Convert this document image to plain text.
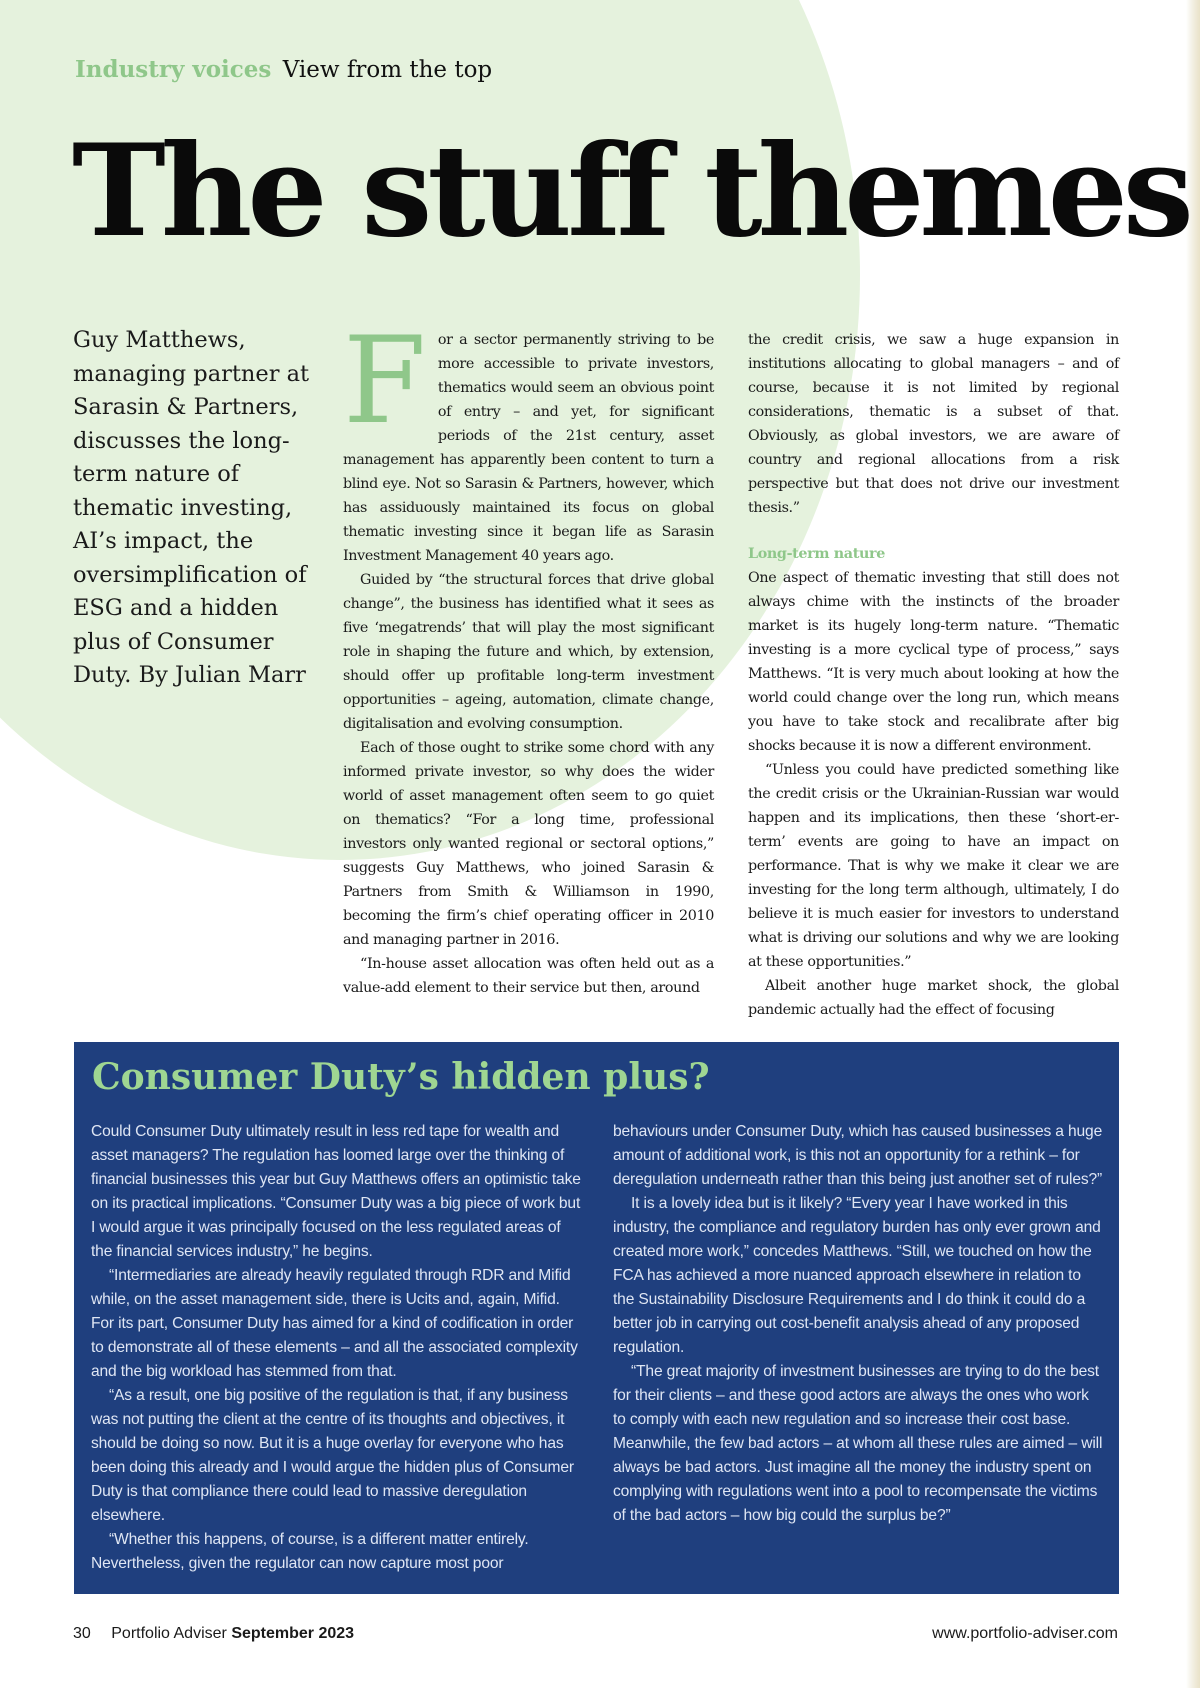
Industry voices View from the top
The stuff themes
Guy Matthews, managing partner at Sarasin & Partners, discusses the long-term nature of thematic investing, AI’s impact, the oversimplification of ESG and a hidden plus of Consumer Duty. By Julian Marr

For a sector permanently striving to be more accessible to private investors, thematics would seem an obvious point of entry – and yet, for significant periods of the 21st century, asset management has apparently been content to turn a blind eye. Not so Sarasin & Partners, however, which has assiduously maintained its focus on global thematic investing since it began life as Sarasin Investment Management 40 years ago.

Guided by “the structural forces that drive global change”, the business has identified what it sees as five ‘megatrends’ that will play the most significant role in shaping the future and which, by extension, should offer up profitable long-term investment opportunities – ageing, automation, climate change, digitalisation and evolving consumption.

Each of those ought to strike some chord with any informed private investor, so why does the wider world of asset management often seem to go quiet on thematics? “For a long time, professional investors only wanted regional or sectoral options,” suggests Guy Matthews, who joined Sarasin & Partners from Smith & Williamson in 1990, becoming the firm’s chief operating officer in 2010 and managing partner in 2016.

“In-house asset allocation was often held out as a value-add element to their service but then, around

the credit crisis, we saw a huge expansion in institutions allocating to global managers – and of course, because it is not limited by regional considerations, thematic is a subset of that. Obviously, as global investors, we are aware of country and regional allocations from a risk perspective but that does not drive our investment thesis.”

Long-term nature

One aspect of thematic investing that still does not always chime with the instincts of the broader market is its hugely long-term nature. “Thematic investing is a more cyclical type of process,” says Matthews. “It is very much about looking at how the world could change over the long run, which means you have to take stock and recalibrate after big shocks because it is now a different environment.

“Unless you could have predicted something like the credit crisis or the Ukrainian-Russian war would happen and its implications, then these ‘short-er-term’ events are going to have an impact on performance. That is why we make it clear we are investing for the long term although, ultimately, I do believe it is much easier for investors to understand what is driving our solutions and why we are looking at these opportunities.”

Albeit another huge market shock, the global pandemic actually had the effect of focusing

Consumer Duty’s hidden plus?

Could Consumer Duty ultimately result in less red tape for wealth and asset managers? The regulation has loomed large over the thinking of financial businesses this year but Guy Matthews offers an optimistic take on its practical implications. “Consumer Duty was a big piece of work but I would argue it was principally focused on the less regulated areas of the financial services industry,” he begins.

“Intermediaries are already heavily regulated through RDR and Mifid while, on the asset management side, there is Ucits and, again, Mifid. For its part, Consumer Duty has aimed for a kind of codification in order to demonstrate all of these elements – and all the associated complexity and the big workload has stemmed from that.

“As a result, one big positive of the regulation is that, if any business was not putting the client at the centre of its thoughts and objectives, it should be doing so now. But it is a huge overlay for everyone who has been doing this already and I would argue the hidden plus of Consumer Duty is that compliance there could lead to massive deregulation elsewhere.

“Whether this happens, of course, is a different matter entirely. Nevertheless, given the regulator can now capture most poor

behaviours under Consumer Duty, which has caused businesses a huge amount of additional work, is this not an opportunity for a rethink – for deregulation underneath rather than this being just another set of rules?”

It is a lovely idea but is it likely? “Every year I have worked in this industry, the compliance and regulatory burden has only ever grown and created more work,” concedes Matthews. “Still, we touched on how the FCA has achieved a more nuanced approach elsewhere in relation to the Sustainability Disclosure Requirements and I do think it could do a better job in carrying out cost-benefit analysis ahead of any proposed regulation.

“The great majority of investment businesses are trying to do the best for their clients – and these good actors are always the ones who work to comply with each new regulation and so increase their cost base. Meanwhile, the few bad actors – at whom all these rules are aimed – will always be bad actors. Just imagine all the money the industry spent on complying with regulations went into a pool to recompensate the victims of the bad actors – how big could the surplus be?”

30 Portfolio Adviser September 2023	www.portfolio-adviser.com
